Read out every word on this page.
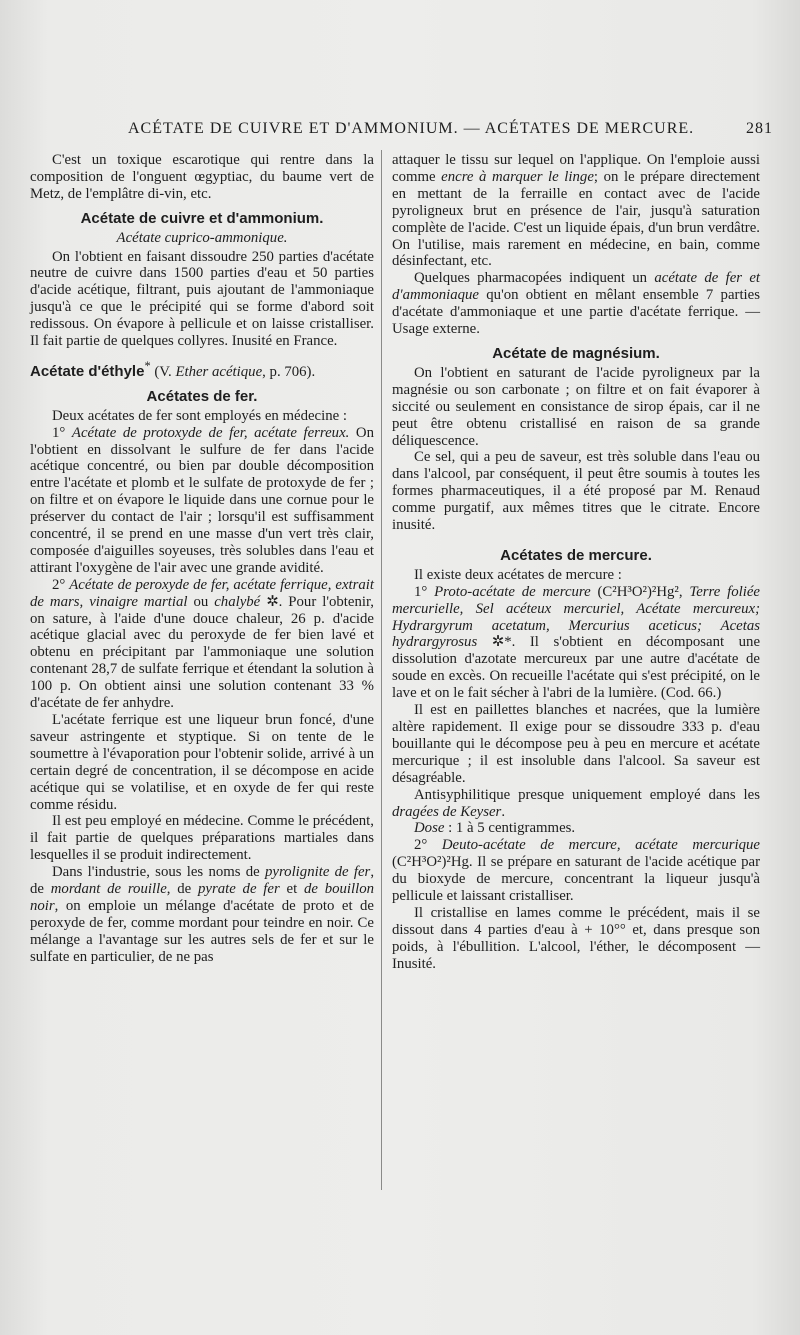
ACÉTATE DE CUIVRE ET D'AMMONIUM. — ACÉTATES DE MERCURE.	281

C'est un toxique escarotique qui rentre dans la composition de l'onguent œgyptiac, du baume vert de Metz, de l'emplâtre di-vin, etc.

Acétate de cuivre et d'ammonium.

Acétate cuprico-ammonique.

On l'obtient en faisant dissoudre 250 parties d'acétate neutre de cuivre dans 1500 parties d'eau et 50 parties d'acide acétique, filtrant, puis ajoutant de l'ammoniaque jusqu'à ce que le précipité qui se forme d'abord soit redissous. On évapore à pellicule et on laisse cristalliser. Il fait partie de quelques collyres. Inusité en France.

Acétate d'éthyle* (V. Ether acétique, p. 706).

Acétates de fer.

Deux acétates de fer sont employés en médecine :

1° Acétate de protoxyde de fer, acétate ferreux. On l'obtient en dissolvant le sulfure de fer dans l'acide acétique concentré, ou bien par double décomposition entre l'acétate et plomb et le sulfate de protoxyde de fer ; on filtre et on évapore le liquide dans une cornue pour le préserver du contact de l'air ; lorsqu'il est suffisamment concentré, il se prend en une masse d'un vert très clair, composée d'aiguilles soyeuses, très solubles dans l'eau et attirant l'oxygène de l'air avec une grande avidité.

2° Acétate de peroxyde de fer, acétate ferrique, extrait de mars, vinaigre martial ou chalybé ✲. Pour l'obtenir, on sature, à l'aide d'une douce chaleur, 26 p. d'acide acétique glacial avec du peroxyde de fer bien lavé et obtenu en précipitant par l'ammoniaque une solution contenant 28,7 de sulfate ferrique et étendant la solution à 100 p. On obtient ainsi une solution contenant 33 % d'acétate de fer anhydre.

L'acétate ferrique est une liqueur brun foncé, d'une saveur astringente et styptique. Si on tente de le soumettre à l'évaporation pour l'obtenir solide, arrivé à un certain degré de concentration, il se décompose en acide acétique qui se volatilise, et en oxyde de fer qui reste comme résidu.

Il est peu employé en médecine. Comme le précédent, il fait partie de quelques préparations martiales dans lesquelles il se produit indirectement.

Dans l'industrie, sous les noms de pyrolignite de fer, de mordant de rouille, de pyrate de fer et de bouillon noir, on emploie un mélange d'acétate de proto et de peroxyde de fer, comme mordant pour teindre en noir. Ce mélange a l'avantage sur les autres sels de fer et sur le sulfate en particulier, de ne pas

attaquer le tissu sur lequel on l'applique. On l'emploie aussi comme encre à marquer le linge; on le prépare directement en mettant de la ferraille en contact avec de l'acide pyroligneux brut en présence de l'air, jusqu'à saturation complète de l'acide. C'est un liquide épais, d'un brun verdâtre. On l'utilise, mais rarement en médecine, en bain, comme désinfectant, etc.

Quelques pharmacopées indiquent un acétate de fer et d'ammoniaque qu'on obtient en mêlant ensemble 7 parties d'acétate d'ammoniaque et une partie d'acétate ferrique. — Usage externe.

Acétate de magnésium.

On l'obtient en saturant de l'acide pyroligneux par la magnésie ou son carbonate ; on filtre et on fait évaporer à siccité ou seulement en consistance de sirop épais, car il ne peut être obtenu cristallisé en raison de sa grande déliquescence.

Ce sel, qui a peu de saveur, est très soluble dans l'eau ou dans l'alcool, par conséquent, il peut être soumis à toutes les formes pharmaceutiques, il a été proposé par M. Renaud comme purgatif, aux mêmes titres que le citrate. Encore inusité.

Acétates de mercure.

Il existe deux acétates de mercure :

1° Proto-acétate de mercure (C²H³O²)²Hg², Terre foliée mercurielle, Sel acéteux mercuriel, Acétate mercureux; Hydrargyrum acetatum, Mercurius aceticus; Acetas hydrargyrosus ✲*. Il s'obtient en décomposant une dissolution d'azotate mercureux par une autre d'acétate de soude en excès. On recueille l'acétate qui s'est précipité, on le lave et on le fait sécher à l'abri de la lumière. (Cod. 66.)

Il est en paillettes blanches et nacrées, que la lumière altère rapidement. Il exige pour se dissoudre 333 p. d'eau bouillante qui le décompose peu à peu en mercure et acétate mercurique ; il est insoluble dans l'alcool. Sa saveur est désagréable.

Antisyphilitique presque uniquement employé dans les dragées de Keyser.

Dose : 1 à 5 centigrammes.

2° Deuto-acétate de mercure, acétate mercurique (C²H³O²)²Hg. Il se prépare en saturant de l'acide acétique par du bioxyde de mercure, concentrant la liqueur jusqu'à pellicule et laissant cristalliser.

Il cristallise en lames comme le précédent, mais il se dissout dans 4 parties d'eau à + 10°° et, dans presque son poids, à l'ébullition. L'alcool, l'éther, le décomposent — Inusité.
